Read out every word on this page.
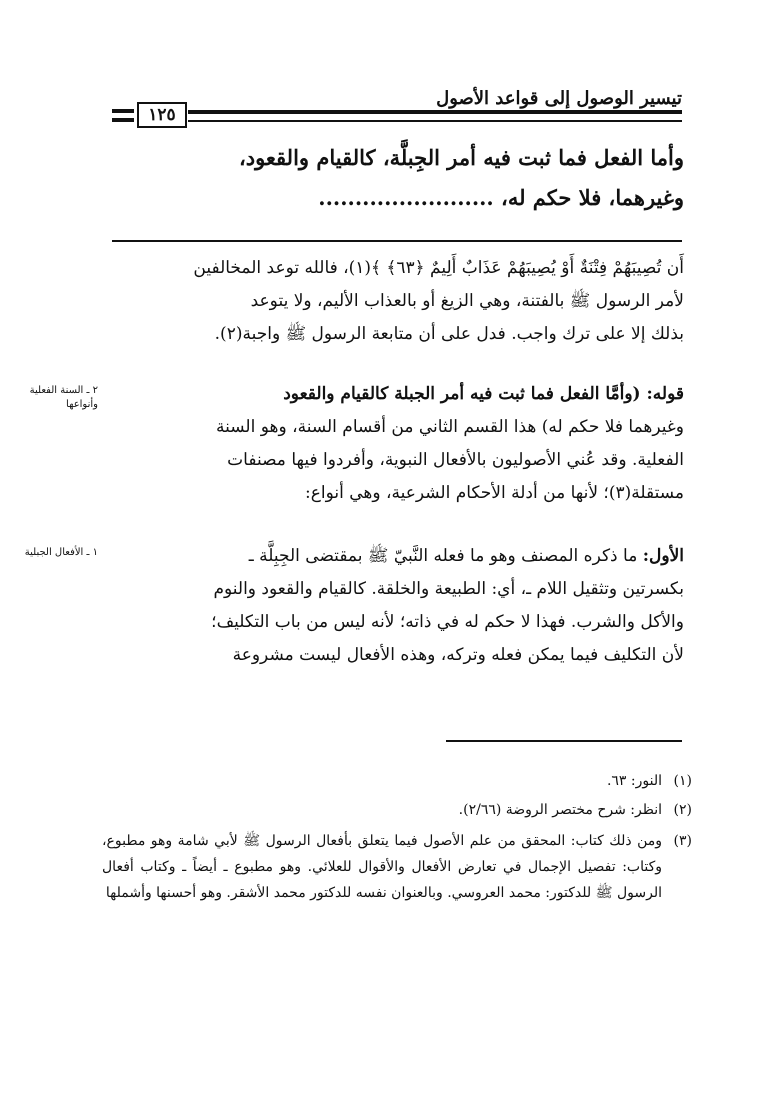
تيسير الوصول إلى قواعد الأصول
١٢٥

وأما الفعل فما ثبت فيه أمر الجِبلَّة، كالقيام والقعود،

وغيرهما، فلا حكم له، ........................

أَن تُصِيبَهُمْ فِتْنَةٌ أَوْ يُصِيبَهُمْ عَذَابٌ أَلِيمٌ ﴿٦٣﴾ ﴾(١)، فالله توعد المخالفين

لأمر الرسول ﷺ بالفتنة، وهي الزيغ أو بالعذاب الأليم، ولا يتوعد

بذلك إلا على ترك واجب. فدل على أن متابعة الرسول ﷺ واجبة(٢).

٢ ـ السنة الفعلية وأنواعها

قوله: (وأمَّا الفعل فما ثبت فيه أمر الجبلة كالقيام والقعود

وغيرهما فلا حكم له) هذا القسم الثاني من أقسام السنة، وهو السنة

الفعلية. وقد عُني الأصوليون بالأفعال النبوية، وأفردوا فيها مصنفات

مستقلة(٣)؛ لأنها من أدلة الأحكام الشرعية، وهي أنواع:

١ ـ الأفعال الجبلية	الأول: ما ذكره المصنف وهو ما فعله النَّبيّ ﷺ بمقتضى الجِبِلَّة ـ

بكسرتين وتثقيل اللام ـ، أي: الطبيعة والخلقة. كالقيام والقعود والنوم

والأكل والشرب. فهذا لا حكم له في ذاته؛ لأنه ليس من باب التكليف؛

لأن التكليف فيما يمكن فعله وتركه، وهذه الأفعال ليست مشروعة

(١)النور: ٦٣.
(٢)انظر: شرح مختصر الروضة (٢/٦٦).
(٣)ومن ذلك كتاب: المحقق من علم الأصول فيما يتعلق بأفعال الرسول ﷺ لأبي شامة وهو مطبوع، وكتاب: تفصيل الإجمال في تعارض الأفعال والأقوال للعلائي. وهو مطبوع ـ أيضاً ـ وكتاب أفعال الرسول ﷺ للدكتور: محمد العروسي. وبالعنوان نفسه للدكتور محمد الأشقر. وهو أحسنها وأشملها
